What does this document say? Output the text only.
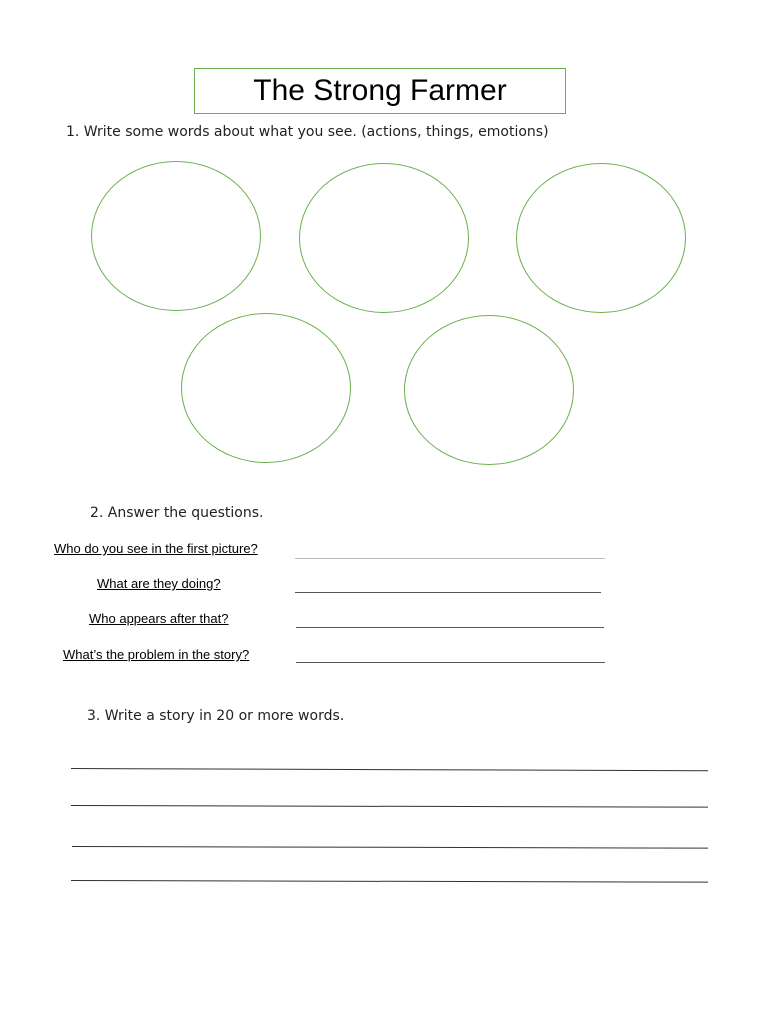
The Strong Farmer
1. Write some words about what you see. (actions, things, emotions)
2. Answer the questions.
Who do you see in the first picture?
What are they doing?
Who appears after that?
What’s the problem in the story?
3. Write a story in 20 or more words.
